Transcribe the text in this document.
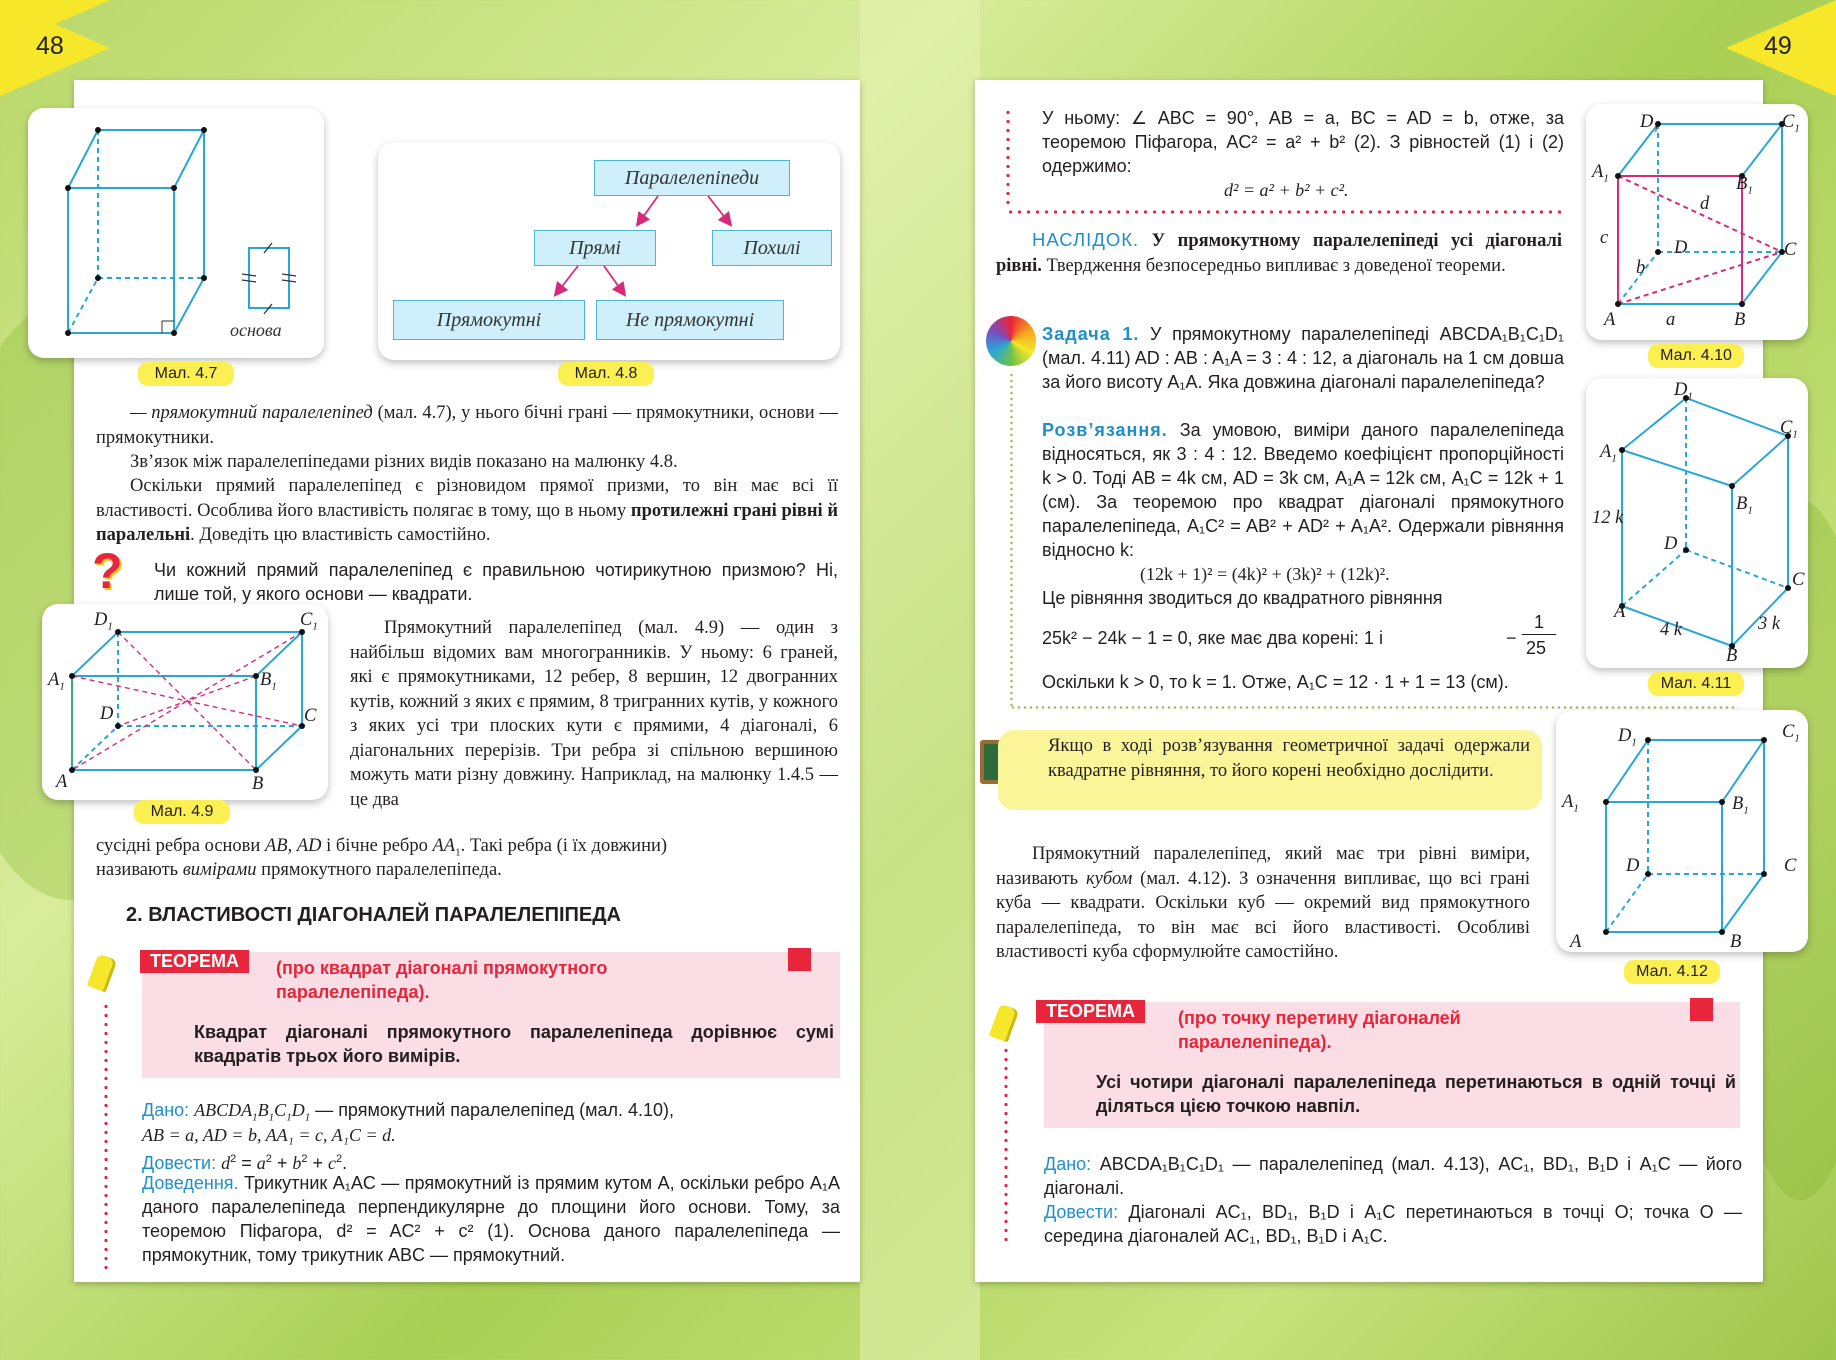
48	49
основа
Мал. 4.7
Паралелепіпеди
Прямі	Похилі
Прямокутні	Не прямокутні
Мал. 4.8
— прямокутний паралелепіпед (мал. 4.7), у нього бічні грані — прямокутники, основи — прямокутники.
Зв’язок між паралелепіпедами різних видів показано на малюнку 4.8.
Оскільки прямий паралелепіпед є різновидом прямої призми, то він має всі її властивості. Особлива його властивість полягає в тому, що в ньому протилежні грані рівні й паралельні. Доведіть цю властивість самостійно.
? Чи кожний прямий паралелепіпед є правильною чотирикутною призмою? Ні, лише той, у якого основи — квадрати.
$D_1$	$C_1$
$A_1$	$B_1$
D	C
A	B
Мал. 4.9
Прямокутний паралелепіпед (мал. 4.9) — один з найбільш відомих вам многогранників. У ньому: 6 граней, які є прямокутниками, 12 ребер, 8 вершин, 12 двогранних кутів, кожний з яких є прямим, 8 тригранних кутів, у кожного з яких усі три плоских кути є прямими, 4 діагоналі, 6 діагональних перерізів. Три ребра зі спільною вершиною можуть мати різну довжину. Наприклад, на малюнку 1.4.5 — це два
сусідні ребра основи AB, AD і бічне ребро $AA_1$. Такі ребра (і їх довжини)
називають вимірами прямокутного паралелепіпеда.
2. ВЛАСТИВОСТІ ДІАГОНАЛЕЙ ПАРАЛЕЛЕПІПЕДА
ТЕОРЕМА	(про квадрат діагоналі прямокутного паралелепіпеда).
Квадрат діагоналі прямокутного паралелепіпеда дорівнює сумі квадратів трьох його вимірів.
Дано: $ABCDA_1B_1C_1D_1$ — прямокутний паралелепіпед (мал. 4.10),
AB = a, AD = b, AA₁ = c, A₁C = d.
Довести: $d^2 = a^2 + b^2 + c^2$.
Доведення. Трикутник A₁AC — прямокутний із прямим кутом A, оскільки ребро A₁A даного паралелепіпеда перпендикулярне до площини його основи. Тому, за теоремою Піфагора, d² = AC² + c² (1). Основа даного паралелепіпеда — прямокутник, тому трикутник ABC — прямокутний.
У ньому: ∠ ABC = 90°, AB = a, BC = AD = b, отже, за теоремою Піфагора, AC² = a² + b² (2). З рівностей (1) і (2) одержимо:
d² = a² + b² + c².
НАСЛІДОК. У прямокутному паралелепіпеді усі діагоналі рівні. Твердження безпосередньо випливає з доведеної теореми.
Задача 1. У прямокутному паралелепіпеді ABCDA₁B₁C₁D₁ (мал. 4.11) AD : AB : A₁A = 3 : 4 : 12, а діагональ на 1 см довша за його висоту A₁A. Яка довжина діагоналі паралелепіпеда?
Розв’язання. За умовою, виміри даного паралелепіпеда відносяться, як 3 : 4 : 12. Введемо коефіцієнт пропорційності k > 0. Тоді AB = 4k см, AD = 3k см, A₁A = 12k см, A₁C = 12k + 1 (см). За теоремою про квадрат діагоналі прямокутного паралелепіпеда, A₁C² = AB² + AD² + A₁A². Одержали рівняння відносно k:
(12k + 1)² = (4k)² + (3k)² + (12k)².
Це рівняння зводиться до квадратного рівняння
25k² − 24k − 1 = 0, яке має два корені: 1 і	−
1
25
Оскільки k > 0, то k = 1. Отже, A₁C = 12 · 1 + 1 = 13 (см).
$D_1$	$C_1$
$A_1$	$B_1$
d
c	D	C
b
A	a	B
Мал. 4.10
$D_1$
$C_1$
$A_1$
$B_1$
12 k
D
C
A
4 k	3 k
B
Мал. 4.11
Якщо в ході розв’язування геометричної задачі одержали квадратне рівняння, то його корені необхідно дослідити.
Прямокутний паралелепіпед, який має три рівні виміри, називають кубом (мал. 4.12). З означення випливає, що всі грані куба — квадрати. Оскільки куб — окремий вид прямокутного паралелепіпеда, то він має всі його властивості. Особливі властивості куба сформулюйте самостійно.
$D_1$
$C_1$
$A_1$	$B_1$
D	C
A	B
Мал. 4.12
ТЕОРЕМА	(про точку перетину діагоналей паралелепіпеда).
Усі чотири діагоналі паралелепіпеда перетинаються в одній точці й діляться цією точкою навпіл.
Дано: ABCDA₁B₁C₁D₁ — паралелепіпед (мал. 4.13), AC₁, BD₁, B₁D і A₁C — його діагоналі.
Довести: Діагоналі AC₁, BD₁, B₁D і A₁C перетинаються в точці O; точка O — середина діагоналей AC₁, BD₁, B₁D і A₁C.
